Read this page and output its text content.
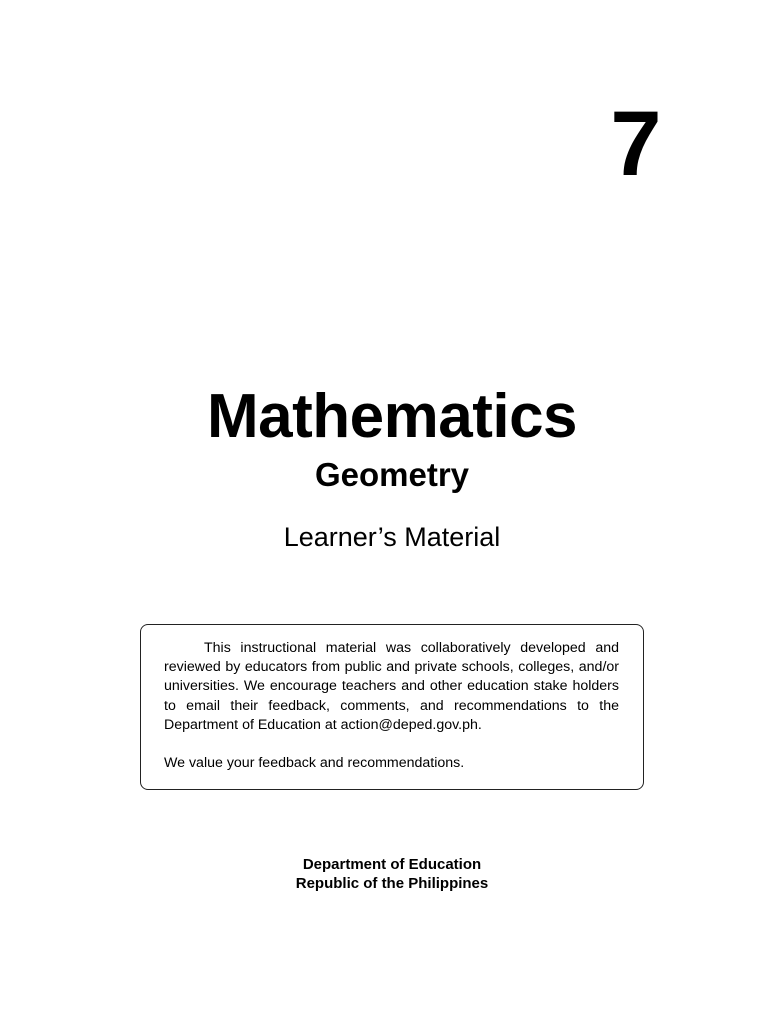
7
Mathematics
Geometry
Learner’s Material

This instructional material was collaboratively developed and reviewed by educators from public and private schools, colleges, and/or universities. We encourage teachers and other education stake holders to email their feedback, comments, and recommendations to the Department of Education at action@deped.gov.ph.

We value your feedback and recommendations.

Department of Education
Republic of the Philippines
